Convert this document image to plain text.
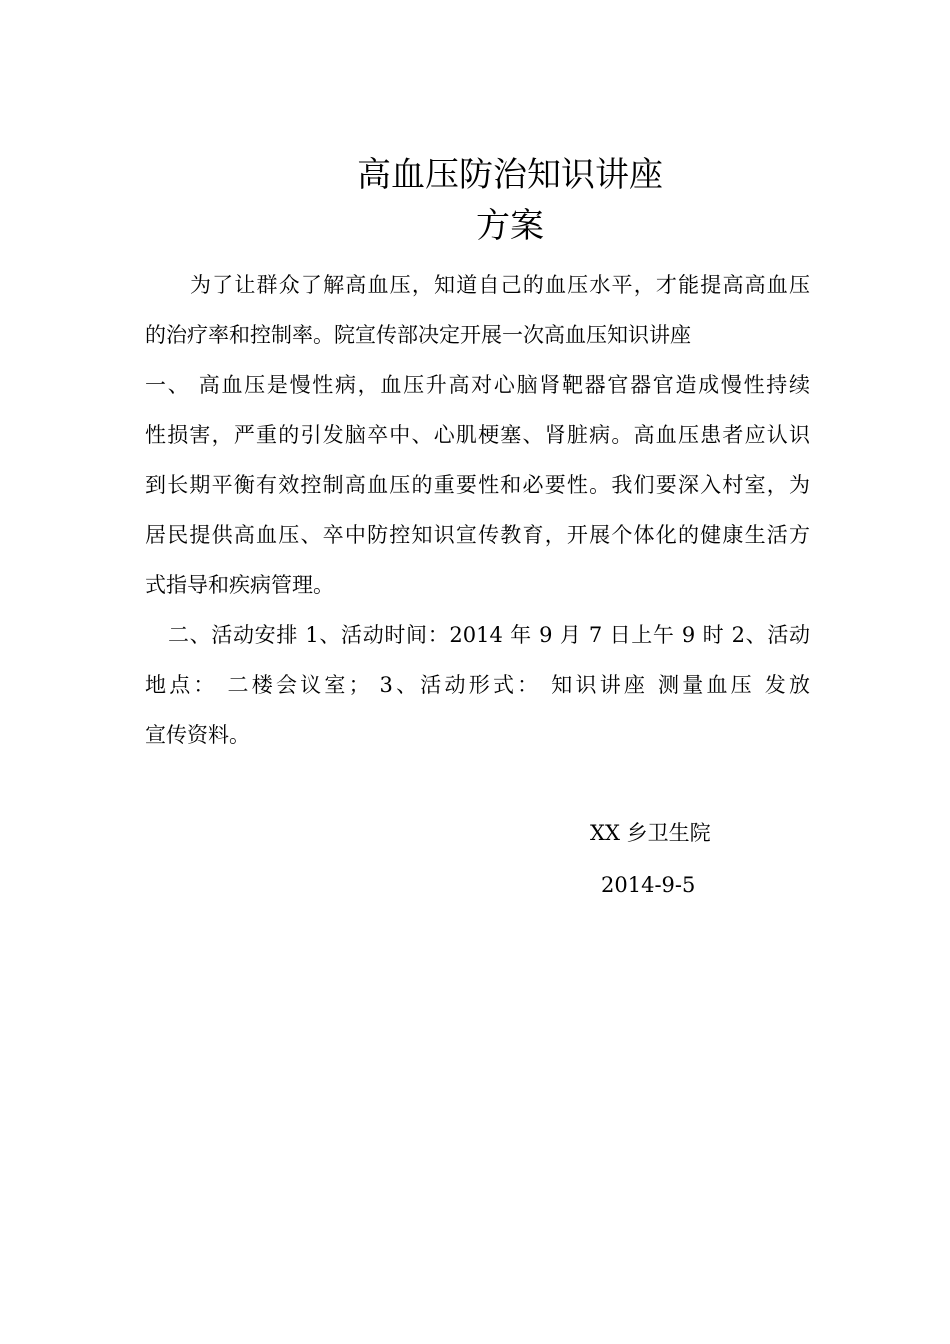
高血压防治知识讲座
方案
为了让群众了解高血压，知道自己的血压水平，才能提高高血压
的治疗率和控制率。院宣传部决定开展一次高血压知识讲座
一、 高血压是慢性病，血压升高对心脑肾靶器官器官造成慢性持续
性损害，严重的引发脑卒中、心肌梗塞、肾脏病。高血压患者应认识
到长期平衡有效控制高血压的重要性和必要性。我们要深入村室，为
居民提供高血压、卒中防控知识宣传教育，开展个体化的健康生活方
式指导和疾病管理。
二、活动安排 1、活动时间：2014 年 9 月 7 日上午 9 时 2、活动
地点： 二楼会议室； 3、活动形式： 知识讲座 测量血压 发放
宣传资料。
XX 乡卫生院
2014-9-5
